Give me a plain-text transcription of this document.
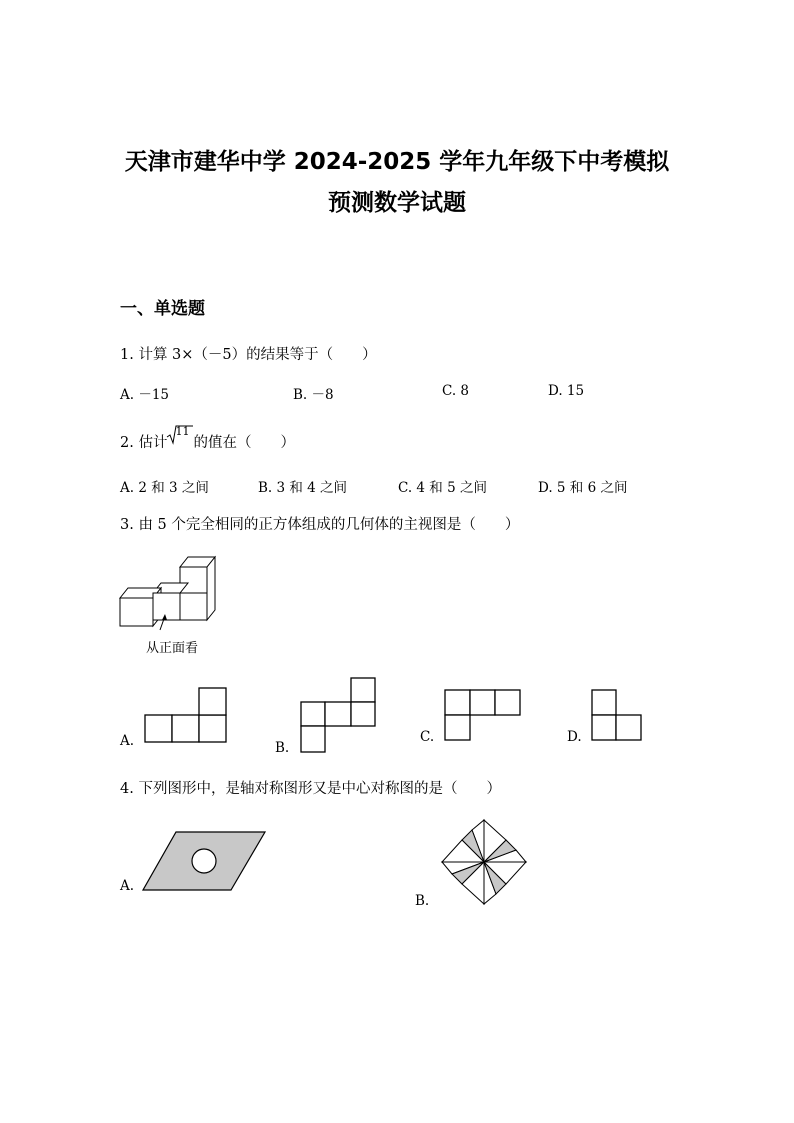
天津市建华中学 2024-2025 学年九年级下中考模拟
预测数学试题
一、单选题
1. 计算 3×（－5）的结果等于（　　）
A. －15	B. －8	C. 8	D. 15
2. 估计
11
的值在（　　）
A. 2 和 3 之间	B. 3 和 4 之间	C. 4 和 5 之间	D. 5 和 6 之间
3. 由 5 个完全相同的正方体组成的几何体的主视图是（　　）
从正面看
A.	B.
C.	D.
4. 下列图形中，是轴对称图形又是中心对称图的是（　　）
A.
B.
